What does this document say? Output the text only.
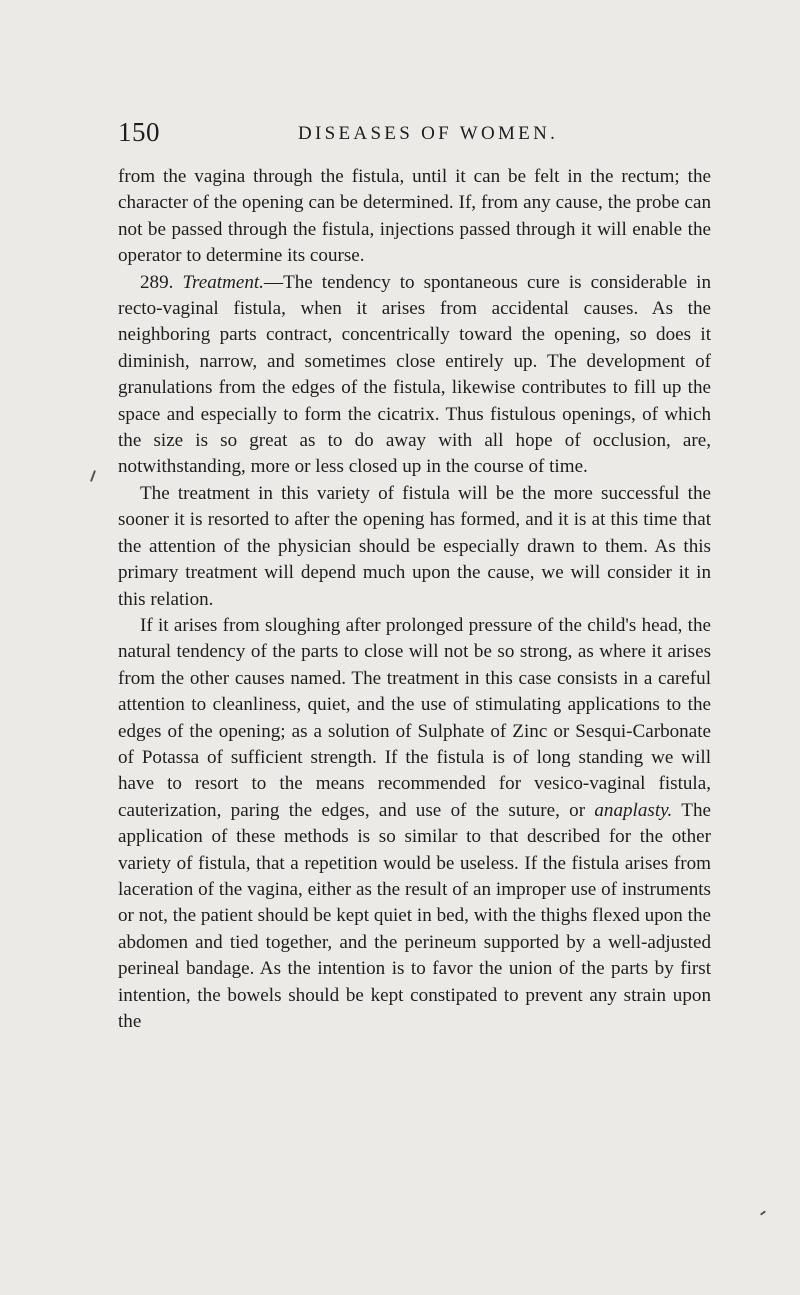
150	DISEASES OF WOMEN.

from the vagina through the fistula, until it can be felt in the rectum; the character of the opening can be determined. If, from any cause, the probe can not be passed through the fistula, injections passed through it will enable the operator to determine its course.

289. Treatment.—The tendency to spontaneous cure is considerable in recto-vaginal fistula, when it arises from accidental causes. As the neighboring parts contract, concentrically toward the opening, so does it diminish, narrow, and sometimes close entirely up. The development of granulations from the edges of the fistula, likewise contributes to fill up the space and especially to form the cicatrix. Thus fistulous openings, of which the size is so great as to do away with all hope of occlusion, are, notwithstanding, more or less closed up in the course of time.

The treatment in this variety of fistula will be the more successful the sooner it is resorted to after the opening has formed, and it is at this time that the attention of the physician should be especially drawn to them. As this primary treatment will depend much upon the cause, we will consider it in this relation.

If it arises from sloughing after prolonged pressure of the child's head, the natural tendency of the parts to close will not be so strong, as where it arises from the other causes named. The treatment in this case consists in a careful attention to cleanliness, quiet, and the use of stimulating applications to the edges of the opening; as a solution of Sulphate of Zinc or Sesqui-Carbonate of Potassa of sufficient strength. If the fistula is of long standing we will have to resort to the means recommended for vesico-vaginal fistula, cauterization, paring the edges, and use of the suture, or anaplasty. The application of these methods is so similar to that described for the other variety of fistula, that a repetition would be useless. If the fistula arises from laceration of the vagina, either as the result of an improper use of instruments or not, the patient should be kept quiet in bed, with the thighs flexed upon the abdomen and tied together, and the perineum supported by a well-adjusted perineal bandage. As the intention is to favor the union of the parts by first intention, the bowels should be kept constipated to prevent any strain upon the
